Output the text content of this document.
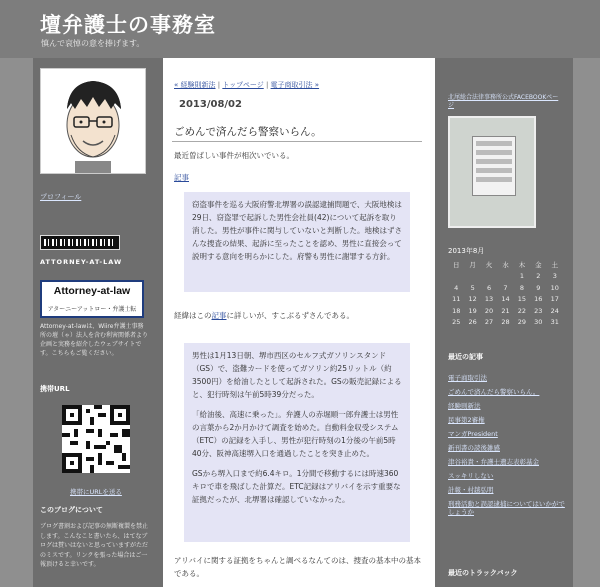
壇弁護士の事務室
慎んで哀悼の意を捧げます。
プロフィール
ATTORNEY-AT-LAW
Attorney-at-law
アターニーアットロー・弁護士転
Attorney-at-lawは、Wiire弁護士事務所の壇（ゃ）法人を含む利害関係者より企画と実務を紹介したウェブサイトです。こちらもご覧ください。
携帯URL
携帯にURLを送る
このブログについて
ブログ書割および記事の無断複製を禁止します。こんなこと書いたら、はてなブログは賛いはないと思っていますがただのミスです。リンクを張った場合はご一報頂けると幸いです。
« 経験則新法 | トップページ | 電子商取引法 »
2013/08/02
ごめんで済んだら警察いらん。
最近曽ばしい事件が相次いでいる。
記事
窃盗事件を巡る大阪府警北堺署の誤認逮捕問題で、大阪地検は29日、窃盗罪で起訴した男性会社員(42)について起訴を取り消した。男性が事件に関与していないと判断した。地検はずさんな捜査の結果、起訴に至ったことを認め、男性に直接会って説明する意向を明らかにした。府警も男性に謝罪する方針。
経緯はこの記事に詳しいが、すこぶるずさんである。

男性は1月13日朝、堺市西区のセルフ式ガソリンスタンド（GS）で、盗難カードを使ってガソリン約25リットル（約3500円）を給油したとして起訴された。GSの販売記録によると、犯行時刻は午前5時39分だった。

「給油後、高速に乗った」。弁護人の赤堀順一郎弁護士は男性の言葉から2か月かけて調査を始めた。自動料金収受システム（ETC）の記録を入手し、男性が犯行時刻の1分後の午前5時40分、阪神高速堺入口を通過したことを突き止めた。

GSから堺入口まで約6.4キロ。1分間で移動するには時速360キロで車を飛ばした計算だ。ETC記録はアリバイを示す重要な証拠だったが、北堺署は確認していなかった。

アリバイに関する証拠をちゃんと調べるなんてのは、捜査の基本中の基本である。
北尾総合法律事務所公式FACEBOOKページ
2013年8月
日	月	火	水	木	金	土
				1	2	3
4	5	6	7	8	9	10
11	12	13	14	15	16	17
18	19	20	21	22	23	24
25	26	27	28	29	30	31
最近の記事
電子商取引法
ごめんで済んだら警察いらん。
経験則新法
民事第2審権
マンガPresident
新刊書の読後雑感
津谷裕貴・弁護士遺志表彰基金
スッキリしない
計報・村越弘明
刑務活動と誤認逮捕についてはいかがでしょうか
最近のトラックバック
